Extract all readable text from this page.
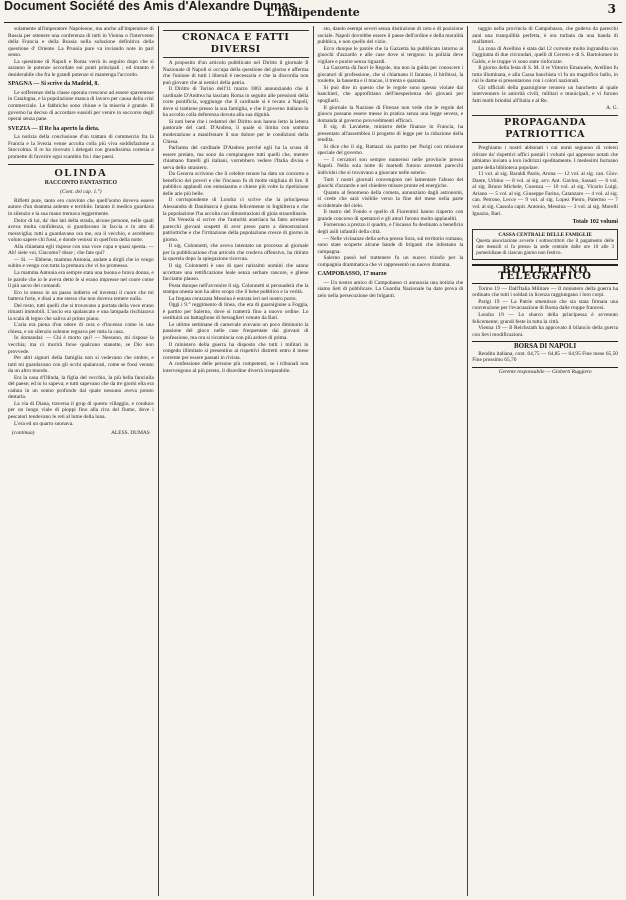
Document Société des Amis d'Alexandre Dumas
L'Indipendente	3

solamente all'imperatore Napoleone, ma anche all'imperatore di Russia per ottenere una conferenza di tutti in Vienna o l'intervento della Francia e della Russia nella soluzione definitiva della questione d' Oriente. La Prussia pure va inviando note in pari senso.

La questione di Napoli e Roma verrà in seguito dopo che si saranno le potenze accordate sui punti principali ; ed intanto è desiderabile che fra le grandi potenze si mantenga l'accordo.

SPAGNA — Si scrive da Madrid, 8.

Le sofferenze della classe operaia crescono ad essere spaventose in Catalogna, e la popolazione manca di lavoro per causa della crisi commerciale. Le fabbriche sono chiuse e la miseria è grande. Il governo ha deciso di accordare sussidi per venire in soccorso degli operai senza pane.

SVEZIA — Il Re ha aperto la dieta.

La notizia della conclusione d'un trattato di commercio fra la Francia e la Svezia venne accolta colla più viva soddisfazione a Stoccolma. Il re ha ricevuto i delegati con grandissima cortesia e promette di favorire ogni scambio fra i due paesi.

OLINDA
RACCONTO FANTASTICO
(Cont. del cap. 1.°)

Rifletti pure, tanto ero convinto che quell'uomo doveva essere autore d'un dramma ardente e terribile. Intanto il medico guardava in silenzio e la sua mano tremava leggermente.

Dolor di lui, da' due lati della strada, alcune persone, nelle quali aveva molta confidenza, si guardavano in faccia e in atto di meraviglia; tutti a guardavano ora me, ora il vecchio, e avrebbero voluto sapere chi fossi, e donde venissi in quell'ora della notte.

Alla chiamata egli rispose con una voce cupa e quasi spenta. — Ah! siete voi, Giacomo? disse ; che fate qui?

— Si. — Ebbene, mamma Antonia, andate a dirgli che io vengo subito e vengo con tutta la premura che vi ho promesso.

La mamma Antonia era sempre stata una buona e brava donna, e le parole che io le aveva detto le si erano impresse nel cuore come il più sacro dei comandi.

Ero io stesso in un passo indietro ed inventai il cuore che mi batteva forte, e dissi a me stesso che non doveva temere nulla.

Del resto, tutti quelli che si trovavano a portata della voce erano rimasti immobili. L'uscio era spalancato e una lampada rischiarava la scala di legno che saliva al primo piano.

L'aria era piena d'un odore di cera e d'incenso come in una chiesa, e un silenzio solenne regnava per tutta la casa.

Io domandai: — Chi è morto qui? — Nessuno, mi rispose la vecchia; ma ci morirà forse qualcuno stanotte, se Dio non provvede.

Per altri signori della famiglia non si vedevano che ombre, e tutti mi guardavano con gli occhi spalancati, come se fossi venuto da un altro mondo.

Era la casa d'Olinda, la figlia del vecchio, la più bella fanciulla del paese; ed io lo sapeva; e tutti sapevano che da tre giorni ella era caduta in un sonno profondo dal quale nessuno aveva potuto destarla.

La via di Diana, traversa il grup di questo villaggio, e conduce per un lungo viale di pioppi fino alla riva del fiume, dove i pescatori tendevano le reti al lume della luna.

L'era ed un quarto suonava.

(continua)	ALESS. DUMAS
CRONACA E FATTI DIVERSI

A proposito d'un articolo pubblicato nel Diritto il giornale Il Nazionale di Napoli si occupa della questione del giorno e afferma che l'unione di tutti i liberali è necessaria e che la discordia non può giovare che ai nemici della patria.

Il Diritto di Torino dell'11 marzo 1863 annunziando che il cardinale D'Andrea ha lasciato Roma in seguito alle pressioni della corte pontificia, soggiunge che il cardinale si è recato a Napoli, dove si trattiene presso la sua famiglia, e che il governo italiano lo ha accolto colla deferenza dovuta alla sua dignità.

Si noti bene che i redattori del Diritto non hanno letto la lettera pastorale del card. D'Andrea, il quale si limita con somma moderazione a manifestare il suo dolore per le condizioni della Chiesa.

Parliamo del cardinale D'Andrea perché egli ha la scusa di essere prelato, ma sono da compiangere tutti quelli che, mentre chiamano fratelli gli italiani, vorrebbero vedere l'Italia divisa e serva dello straniero.

Da Genova scrivono che il celebre tenore ha dato un concerto a beneficio dei poveri e che l'incasso fu di molte migliaia di lire. Il pubblico applaudì con entusiasmo e chiese più volte la ripetizione delle arie più belle.

Il corrispondente di Londra ci scrive che la principessa Alessandra di Danimarca è giunta felicemente in Inghilterra e che la popolazione l'ha accolta con dimostrazioni di gioia straordinarie.

Da Venezia si scrive che l'autorità austriaca ha fatto arrestare parecchi giovani sospetti di aver preso parte a dimostrazioni patriottiche e che l'irritazione della popolazione cresce di giorno in giorno.

Il sig. Colonnetti, che aveva intentato un processo al giornale per la pubblicazione d'un articolo che credeva offensivo, ha ritirato la querela dopo la spiegazione ricevuta.

Il sig. Colonnetti è uno di quei rarissimi uomini che sanno accettare una rettificazione leale senza serbare rancore, e gliene facciamo plauso.

Posta dunque nell'avvenire il sig. Colonnetti si persuaderà che la stampa onesta non ha altro scopo che il bene pubblico e la verità.

La fregata corazzata Messina è entrata ieri nel nostro porto.

Oggi i 9.° reggimento di linea, che era di guarnigione a Foggia, è partito per Salerno, dove si tratterrà fino a nuovo ordine. Lo sostituirà un battaglione di bersaglieri venuto da Bari.

Le ultime settimane di carnevale avevano un poco diminuito la passione del gioco nelle case frequentate dai giovani di professione, ma ora si ricomincia con più ardore di prima.

Il ministero della guerra ha disposto che tutti i militari in congedo illimitato si presentino ai rispettivi distretti entro il mese corrente per essere passati in rivista.

A confessione delle persone più competenti, se i tribunali non intervengono al più presto, il disordine diverrà irreparabile.

sto, dando esempi severi senza distinzione di ceto e di posizione sociale. Napoli dovrebbe essere il paese dell'ordine e della moralità pubblica, e non quello del vizio.

Ecco dunque le parole che la Gazzetta ha pubblicato intorno ai giuochi d'azzardo e alle case dove si tengono: la polizia deve vigilare e punire senza riguardi.

La Gazzetta dà fuori le Regole, ma non la guida per conoscere i giocatori di professione, che si chiamano il faraone, il biribissi, la roulette, la bassetta e il macao, il trenta e quaranta.

Si può dire in questo che le regole sono spesso violate dai banchieri, che approfittano dell'inesperienza dei giovani per spogliarli.

Il giornale la Nazione di Firenze non vede che le regole del giuoco possano essere messe in pratica senza una legge severa, e domanda al governo provvedimenti efficaci.

Il sig. di Lavalette, ministro delle finanze in Francia, ha presentato all'assemblea il progetto di legge per la riduzione della rendita.

Si dice che il sig. Rattazzi sia partito per Parigi con missione speciale del governo.

— I cercatori son sempre numerosi nelle provincie presso Napoli. Nella sola notte di martedì furono arrestati parecchi individui che si trovavano a giuocare nelle osterie.

Tutti i nostri giornali convengono nel lamentare l'abuso dei giuochi d'azzardo e nel chiedere misure pronte ed energiche.

Quanto al fenomeno della cometa, annunziato dagli astronomi, si crede che sarà visibile verso la fine del mese nella parte occidentale del cielo.

Il teatro del Fondo e quello di Fiorentini hanno riaperto con grande concorso di spettatori e gli attori furono molto applauditi.

Fornerono a prezzo il quadro, e l'incasso fu destinato a beneficio degli asili infantili della città.

— Nelle vicinanze della selva presso Sora, sul territorio romano, sono state scoperte alcune bande di briganti che infestano la campagna.

Salerno passò nel trattenere fu un nuovo trionfo per la compagnia drammatica che vi rappresentò un nuovo dramma.

CAMPOBASSO, 17 marzo

— Un nostro amico di Campobasso ci annunzia una notizia che siamo lieti di pubblicare. La Guardia Nazionale ha dato prova di zelo nella persecuzione dei briganti.

taggio nella provincia di Campobasso, che godeva da parecchi anni una tranquillità perfetta, è ora turbata da una banda di malfattori.

La zona di Avellino è stata dal 12 corrente molto ingrandita con l'aggiunta di due circondari, quelli di Cerreto e di S. Bartolomeo in Galdo, e le truppe vi sono state rinforzate.

Il giorno della festa di S. M. il re Vittorio Emanuele, Avellino fu tutta illuminata, e alla Cassa banchista vi fu un magnifico ballo, in cui le dame si presentarono con i colori nazionali.

Gli ufficiali della guarnigione tennero un banchetto al quale intervennero le autorità civili, militari e municipali, e vi furono fatti molti brindisi all'Italia e al Re.

A. G.
PROPAGANDA PATRIOTTICA

Preghiamo i nostri abbonati i cui nomi seguono di volersi ritirare da' rispettivi uffici postali i volumi qui appresso notati che abbiamo inviato a loro indirizzi speditamente. I medesimi formano parte della biblioteca popolare.

11 vol. al sig. Baraldi Paolo, Arona — 12 vol. al sig. can. Giov. Dante, Urbino — 8 vol. ai sig. avv. Ant. Gavino, Sassari — 6 vol. al sig. Bruno Michele, Cosenza — 10 vol. al sig. Vicario Luigi, Ariano — 5 vol. al sig. Giuseppe Farina, Catanzaro — 4 vol. al sig. can. Petrone, Lecce — 9 vol. al sig. Lopez Pietro, Palermo — 7 vol. al sig. Cassola capit. Antonio, Messina — 3 vol. al sig. Morelli Ignazio, Bari.

Totale 102 volumi
CASSA CENTRALE DELLE FAMIGLIE
Questa associazione avverte i sottoscrittori che il pagamento delle rate mensili si fa presso la sede centrale dalle ore 10 alle 3 pomeridiane di ciascun giorno non festivo.
BOLLETTINO TELEGRAFICO

Torino 19 — Dall'Italia Militare — Il ministero della guerra ha ordinato che tutti i soldati in licenza raggiungano i loro corpi.

Parigi 19 — La Patrie smentisce che sia stata firmata una convenzione per l'evacuazione di Roma dalle truppe francesi.

Londra 19 — Lo sbarco della principessa è avvenuto felicemente; grandi feste in tutta la città.

Vienna 19 — Il Reichsrath ha approvato il bilancio della guerra con lievi modificazioni.

BORSA DI NAPOLI

Rendita italiana, cont. 64,75 — 64,85 — 64,95 Fine mese 65,50 Fine prossimo 65,70

Gerente responsabile — Gioberti Ruggiero
